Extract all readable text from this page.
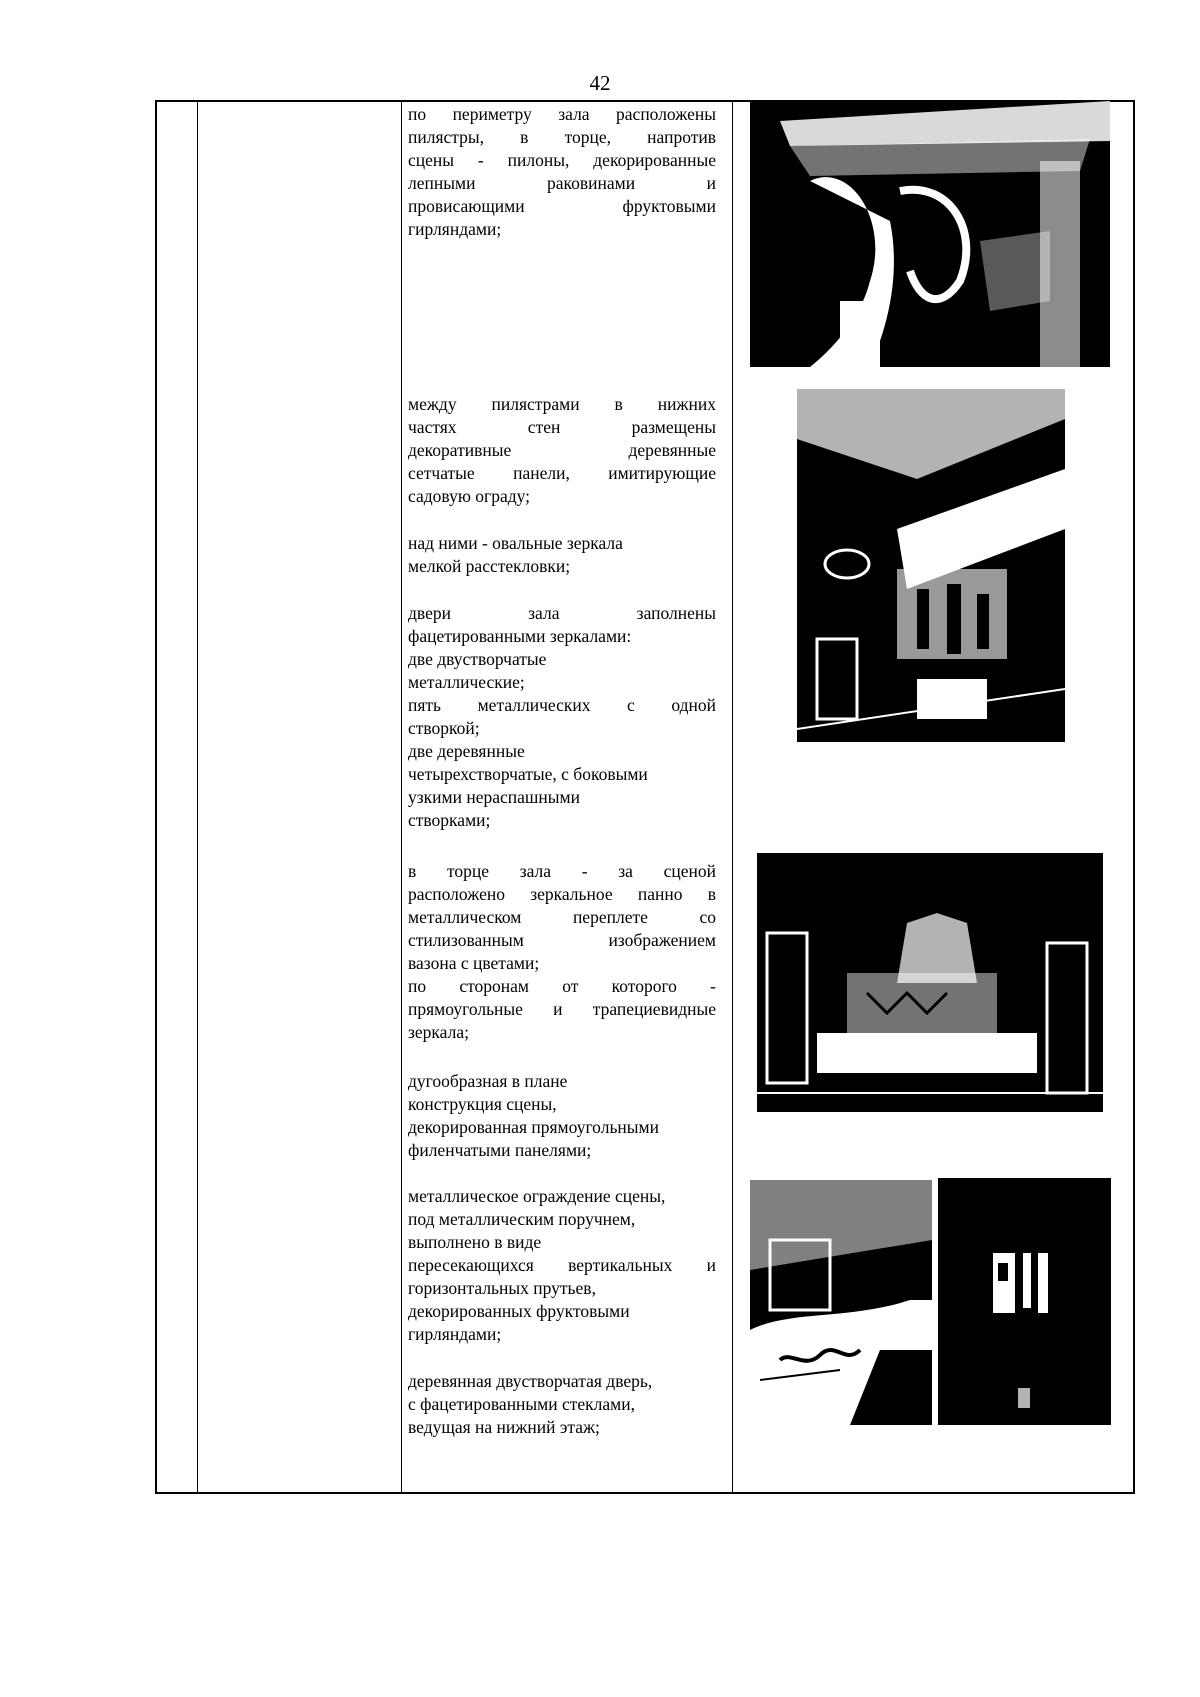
42

по периметру зала расположены

пилястры, в торце, напротив

сцены - пилоны, декорированные

лепными раковинами и

провисающими фруктовыми

гирляндами;

между пилястрами в нижних

частях стен размещены

декоративные деревянные

сетчатые панели, имитирующие

садовую ограду;

над ними - овальные зеркала

мелкой расстекловки;

двери зала заполнены

фацетированными зеркалами:

две двустворчатые

металлические;

пять металлических с одной

створкой;

две деревянные

четырехстворчатые, с боковыми

узкими нераспашными

створками;

в торце зала - за сценой

расположено зеркальное панно в

металлическом переплете со

стилизованным изображением

вазона с цветами;

по сторонам от которого -

прямоугольные и трапециевидные

зеркала;

дугообразная в плане

конструкция сцены,

декорированная прямоугольными

филенчатыми панелями;

металлическое ограждение сцены,

под металлическим поручнем,

выполнено в виде

пересекающихся вертикальных и

горизонтальных прутьев,

декорированных фруктовыми

гирляндами;

деревянная двустворчатая дверь,

с фацетированными стеклами,

ведущая на нижний этаж;
